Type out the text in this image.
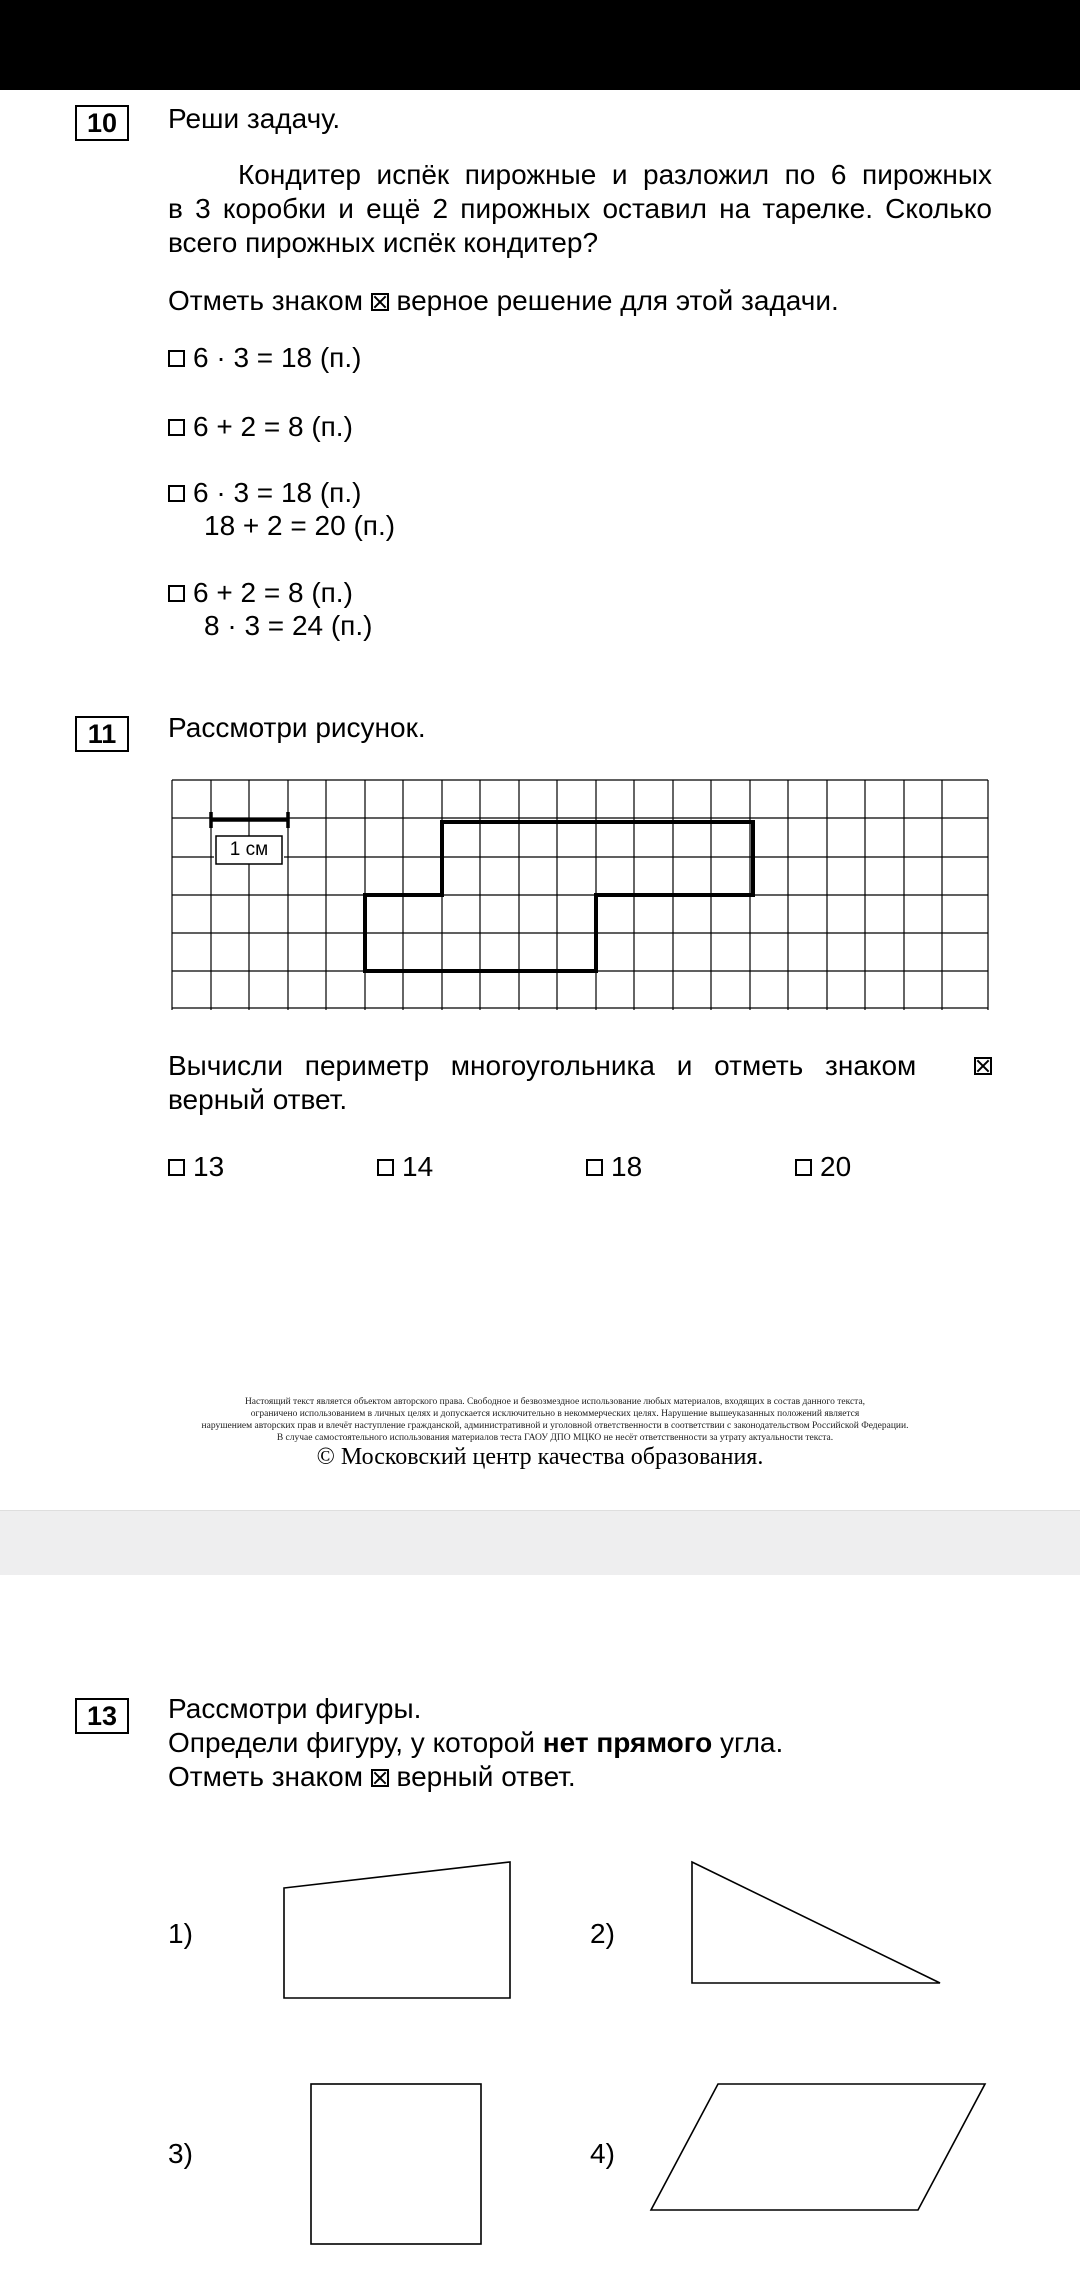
10	Реши задачу.
Кондитер испёк пирожные и разложил по 6 пирожных
в 3 коробки и ещё 2 пирожных оставил на тарелке. Сколько
всего пирожных испёк кондитер?
Отметь знаком верное решение для этой задачи.
6 · 3 = 18 (п.)
6 + 2 = 8 (п.)
6 · 3 = 18 (п.)
18 + 2 = 20 (п.)
6 + 2 = 8 (п.)
8 · 3 = 24 (п.)
11	Рассмотри рисунок.
1 см
Вычисли периметр многоугольника и отметь знаком
верный ответ.
13	14	18	20
Настоящий текст является объектом авторского права. Свободное и безвозмездное использование любых материалов, входящих в состав данного текста,
ограничено использованием в личных целях и допускается исключительно в некоммерческих целях. Нарушение вышеуказанных положений является
нарушением авторских прав и влечёт наступление гражданской, административной и уголовной ответственности в соответствии с законодательством Российской Федерации.
В случае самостоятельного использования материалов теста ГАОУ ДПО МЦКО не несёт ответственности за утрату актуальности текста.
© Московский центр качества образования.
13	Рассмотри фигуры.
Определи фигуру, у которой нет прямого угла.
Отметь знаком верный ответ.
1)	2)
3)	4)
